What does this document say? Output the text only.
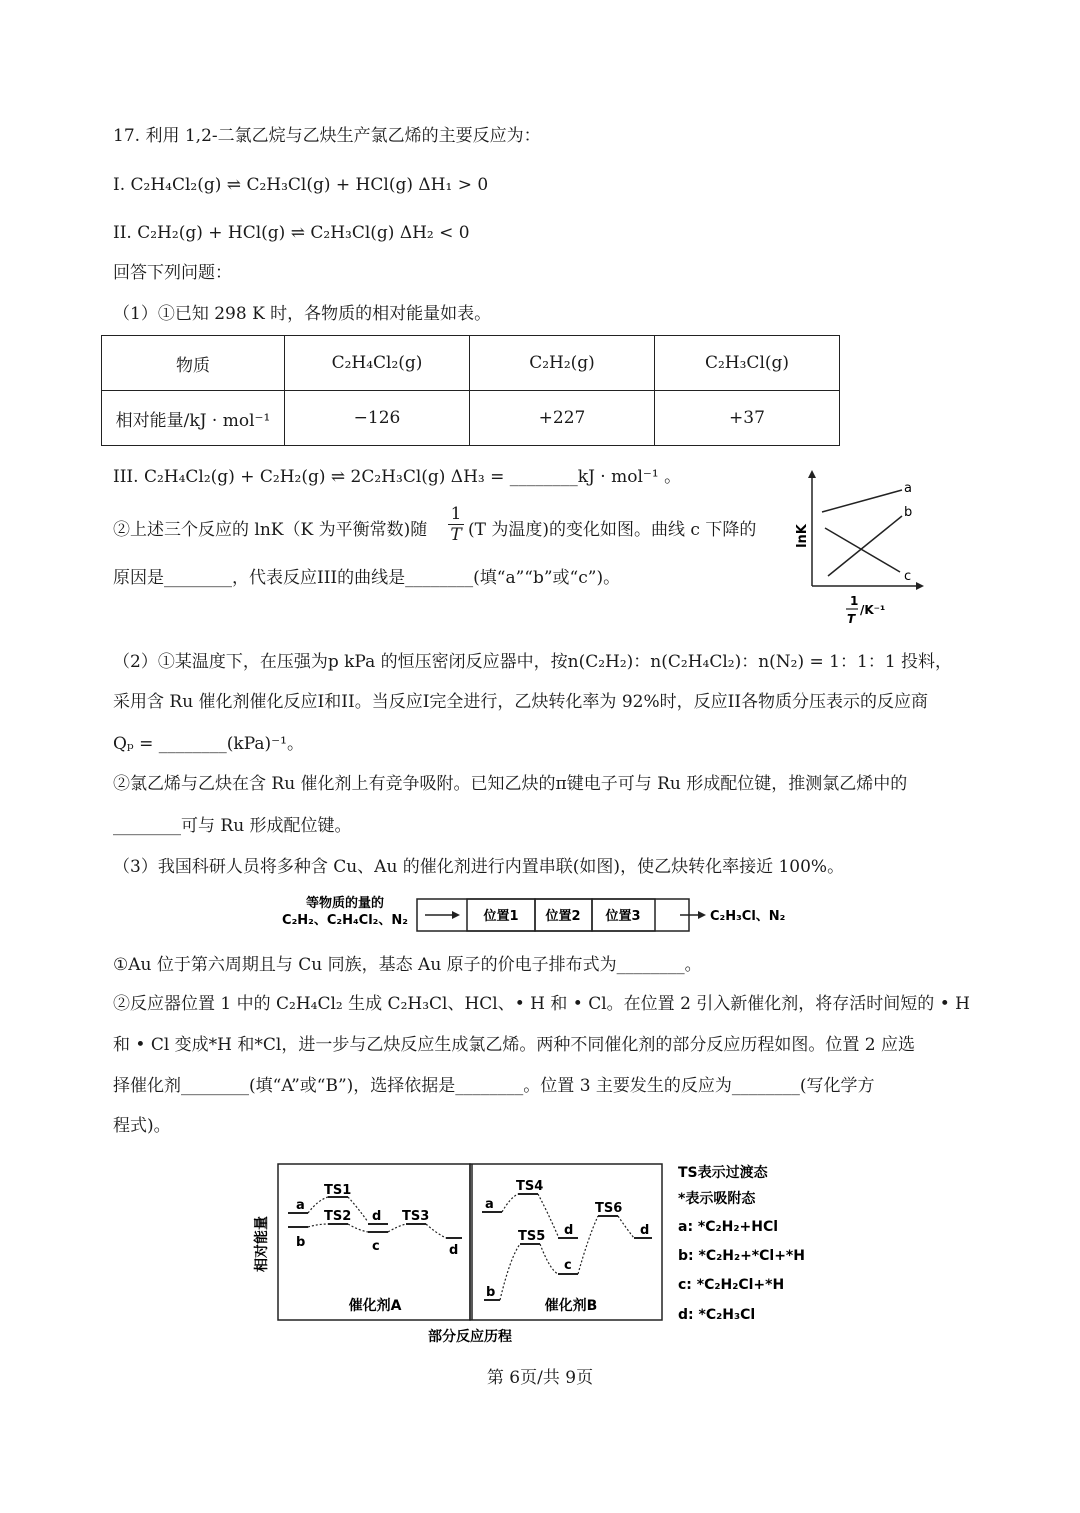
17. 利用 1,2-二氯乙烷与乙炔生产氯乙烯的主要反应为：
I. C₂H₄Cl₂(g) ⇌ C₂H₃Cl(g) + HCl(g) ΔH₁ > 0
II. C₂H₂(g) + HCl(g) ⇌ C₂H₃Cl(g) ΔH₂ < 0
回答下列问题：
（1）①已知 298 K 时，各物质的相对能量如表。
物质	C₂H₄Cl₂(g)	C₂H₂(g)	C₂H₃Cl(g)
相对能量/kJ · mol⁻¹	−126	+227	+37
III. C₂H₄Cl₂(g) + C₂H₂(g) ⇌ 2C₂H₃Cl(g) ΔH₃ = ________kJ · mol⁻¹ 。
②上述三个反应的 lnK（K 为平衡常数)随 $\frac{1}{T} (T$ 为温度)的变化如图。曲线 c 下降的
原因是________，代表反应III的曲线是________(填“a”“b”或“c”)。
a
b
c
lnK
1
T
/K⁻¹
（2）①某温度下，在压强为p kPa 的恒压密闭反应器中，按n(C₂H₂)：n(C₂H₄Cl₂)：n(N₂) = 1：1：1 投料，
采用含 Ru 催化剂催化反应I和II。当反应I完全进行，乙炔转化率为 92%时，反应II各物质分压表示的反应商
Qₚ = ________(kPa)⁻¹。
②氯乙烯与乙炔在含 Ru 催化剂上有竞争吸附。已知乙炔的π键电子可与 Ru 形成配位键，推测氯乙烯中的
________可与 Ru 形成配位键。
（3）我国科研人员将多种含 Cu、Au 的催化剂进行内置串联(如图)，使乙炔转化率接近 100%。
等物质的量的
C₂H₂、C₂H₄Cl₂、N₂	位置1 位置2 位置3	C₂H₃Cl、N₂
①Au 位于第六周期且与 Cu 同族，基态 Au 原子的价电子排布式为________。
②反应器位置 1 中的 C₂H₄Cl₂ 生成 C₂H₃Cl、HCl、• H 和 • Cl。在位置 2 引入新催化剂，将存活时间短的 • H
和 • Cl 变成*H 和*Cl，进一步与乙炔反应生成氯乙烯。两种不同催化剂的部分反应历程如图。位置 2 应选
择催化剂________(填“A”或“B”)，选择依据是________。位置 3 主要发生的反应为________(写化学方
程式)。
相对能量
a
b
TS1
TS2 d
c
TS3
d
催化剂A
a
TS4
TS5 d
c
TS6
d
b
催化剂B
部分反应历程
TS表示过渡态
*表示吸附态
a: *C₂H₂+HCl
b: *C₂H₂+*Cl+*H
c: *C₂H₂Cl+*H
d: *C₂H₃Cl
第 6页/共 9页
